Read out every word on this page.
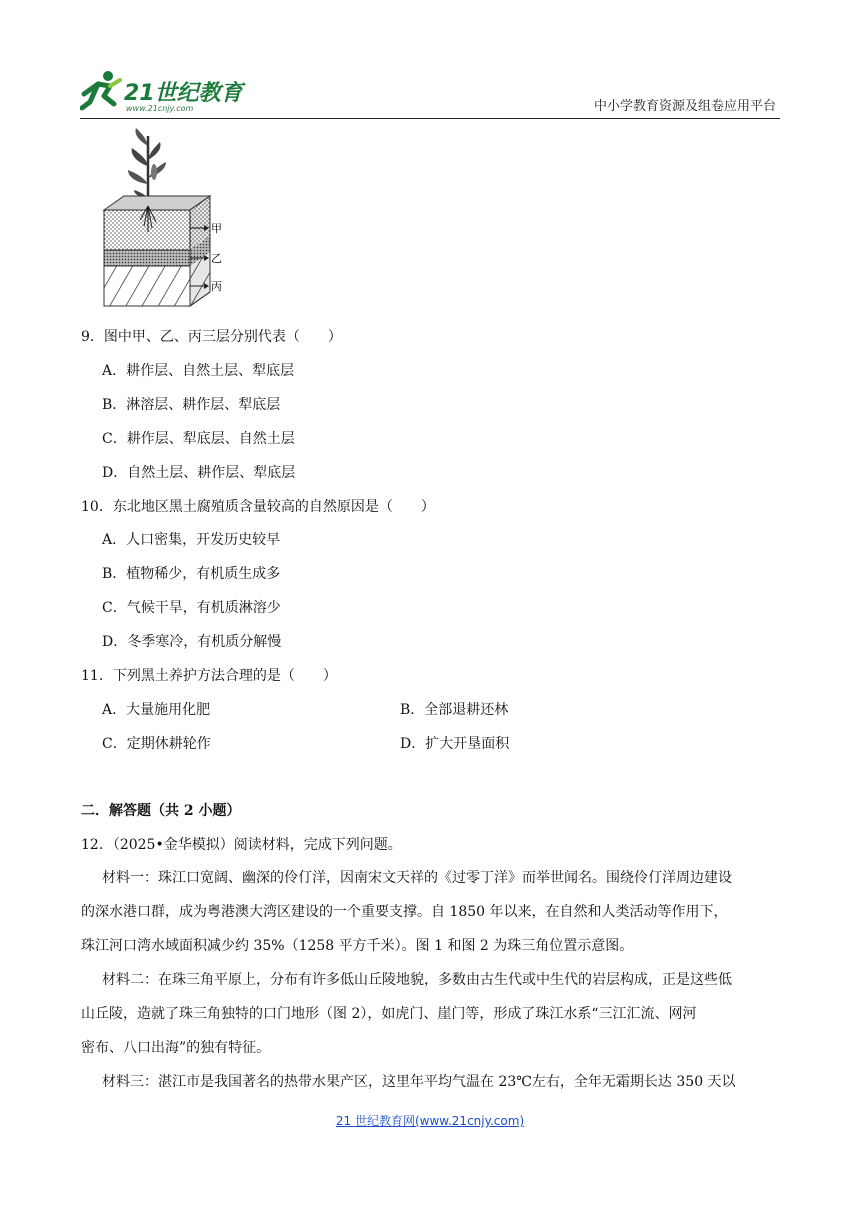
21世纪教育
www.21cnjy.com	中小学教育资源及组卷应用平台
甲
乙
丙
9．图中甲、乙、丙三层分别代表（　　）
A．耕作层、自然土层、犁底层
B．淋溶层、耕作层、犁底层
C．耕作层、犁底层、自然土层
D．自然土层、耕作层、犁底层
10．东北地区黑土腐殖质含量较高的自然原因是（　　）
A．人口密集，开发历史较早
B．植物稀少，有机质生成多
C．气候干旱，有机质淋溶少
D．冬季寒冷，有机质分解慢
11．下列黑土养护方法合理的是（　　）
A．大量施用化肥	B．全部退耕还林
C．定期休耕轮作	D．扩大开垦面积
二．解答题（共 2 小题）
12．（2025•金华模拟）阅读材料，完成下列问题。
材料一：珠江口宽阔、幽深的伶仃洋，因南宋文天祥的《过零丁洋》而举世闻名。围绕伶仃洋周边建设
的深水港口群，成为粤港澳大湾区建设的一个重要支撑。自 1850 年以来，在自然和人类活动等作用下，
珠江河口湾水域面积减少约 35%（1258 平方千米）。图 1 和图 2 为珠三角位置示意图。
材料二：在珠三角平原上，分布有许多低山丘陵地貌，多数由古生代或中生代的岩层构成，正是这些低
山丘陵，造就了珠三角独特的口门地形（图 2），如虎门、崖门等，形成了珠江水系“三江汇流、网河
密布、八口出海”的独有特征。
材料三：湛江市是我国著名的热带水果产区，这里年平均气温在 23℃左右，全年无霜期长达 350 天以
21 世纪教育网(www.21cnjy.com)
